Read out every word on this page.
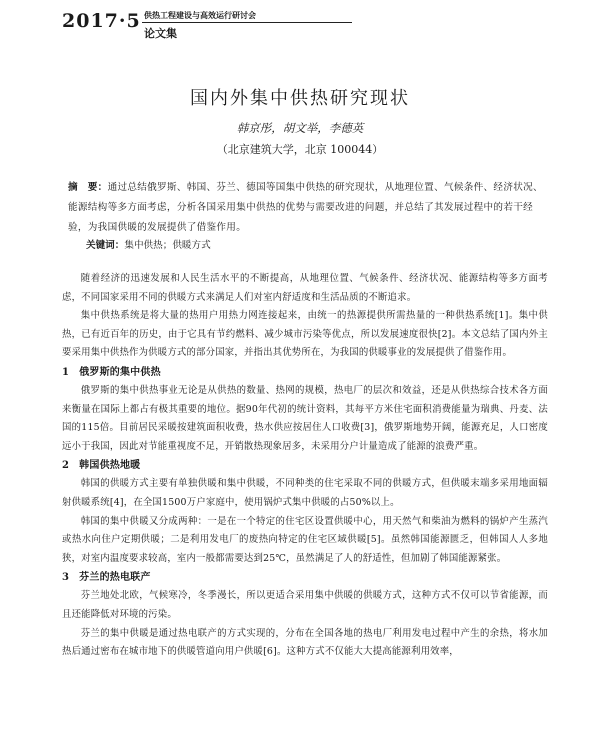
2017·5 供热工程建设与高效运行研讨会
论文集
国内外集中供热研究现状
韩京彤，胡文举，李德英
（北京建筑大学，北京 100044）
摘　要：通过总结俄罗斯、韩国、芬兰、德国等国集中供热的研究现状，从地理位置、气候条件、经济状况、能源结构等多方面考虑，分析各国采用集中供热的优势与需要改进的问题，并总结了其发展过程中的若干经验，为我国供暖的发展提供了借鉴作用。
关键词：集中供热；供暖方式

随着经济的迅速发展和人民生活水平的不断提高，从地理位置、气候条件、经济状况、能源结构等多方面考虑，不同国家采用不同的供暖方式来满足人们对室内舒适度和生活品质的不断追求。

集中供热系统是将大量的热用户用热力网连接起来，由统一的热源提供所需热量的一种供热系统[1]。集中供热，已有近百年的历史，由于它具有节约燃料、减少城市污染等优点，所以发展速度很快[2]。本文总结了国内外主要采用集中供热作为供暖方式的部分国家，并指出其优势所在，为我国的供暖事业的发展提供了借鉴作用。

1 俄罗斯的集中供热

俄罗斯的集中供热事业无论是从供热的数量、热网的规模，热电厂的层次和效益，还是从供热综合技术各方面来衡量在国际上都占有极其重要的地位。据90年代初的统计资料，其每平方米住宅面积消费能量为瑞典、丹麦、法国的115倍。目前居民采暖按建筑面积收费，热水供应按居住人口收费[3]，俄罗斯地势开阔，能源充足，人口密度远小于我国，因此对节能重视度不足，开销散热现象居多，未采用分户计量造成了能源的浪费严重。

2 韩国供热地暖

韩国的供暖方式主要有单独供暖和集中供暖，不同种类的住宅采取不同的供暖方式，但供暖末端多采用地面辐射供暖系统[4]，在全国1500万户家庭中，使用锅炉式集中供暖的占50%以上。

韩国的集中供暖又分成两种：一是在一个特定的住宅区设置供暖中心，用天然气和柴油为燃料的锅炉产生蒸汽或热水向住户定期供暖；二是利用发电厂的废热向特定的住宅区域供暖[5]。虽然韩国能源匮乏，但韩国人人多地狭，对室内温度要求较高，室内一般都需要达到25℃，虽然满足了人的舒适性，但加剧了韩国能源紧张。

3 芬兰的热电联产

芬兰地处北欧，气候寒冷，冬季漫长，所以更适合采用集中供暖的供暖方式，这种方式不仅可以节省能源，而且还能降低对环境的污染。

芬兰的集中供暖是通过热电联产的方式实现的，分布在全国各地的热电厂利用发电过程中产生的余热，将水加热后通过密布在城市地下的供暖管道向用户供暖[6]。这种方式不仅能大大提高能源利用效率，
